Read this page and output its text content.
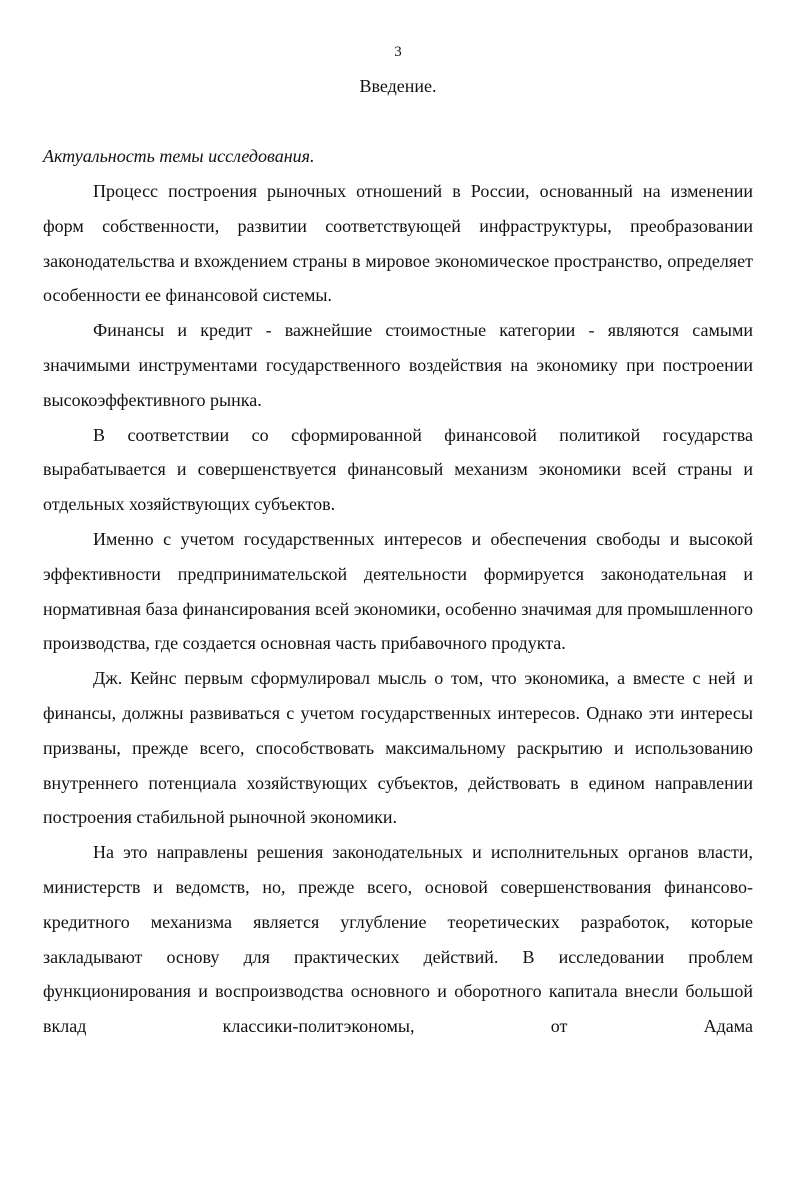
3
Введение.
Актуальность темы исследования.

Процесс построения рыночных отношений в России, основанный на изменении форм собственности, развитии соответствующей инфраструктуры, преобразовании законодательства и вхождением страны в мировое экономическое пространство, определяет особенности ее финансовой системы.

Финансы и кредит - важнейшие стоимостные категории - являются самыми значимыми инструментами государственного воздействия на экономику при построении высокоэффективного рынка.

В соответствии со сформированной финансовой политикой государства вырабатывается и совершенствуется финансовый механизм экономики всей страны и отдельных хозяйствующих субъектов.

Именно с учетом государственных интересов и обеспечения свободы и высокой эффективности предпринимательской деятельности формируется законодательная и нормативная база финансирования всей экономики, особенно значимая для промышленного производства, где создается основная часть прибавочного продукта.

Дж. Кейнс первым сформулировал мысль о том, что экономика, а вместе с ней и финансы, должны развиваться с учетом государственных интересов. Однако эти интересы призваны, прежде всего, способствовать максимальному раскрытию и использованию внутреннего потенциала хозяйствующих субъектов, действовать в едином направлении построения стабильной рыночной экономики.

На это направлены решения законодательных и исполнительных органов власти, министерств и ведомств, но, прежде всего, основой совершенствования финансово-кредитного механизма является углубление теоретических разработок, которые закладывают основу для практических действий. В исследовании проблем функционирования и воспроизводства основного и оборотного капитала внесли большой вклад классики-политэкономы, от Адама
